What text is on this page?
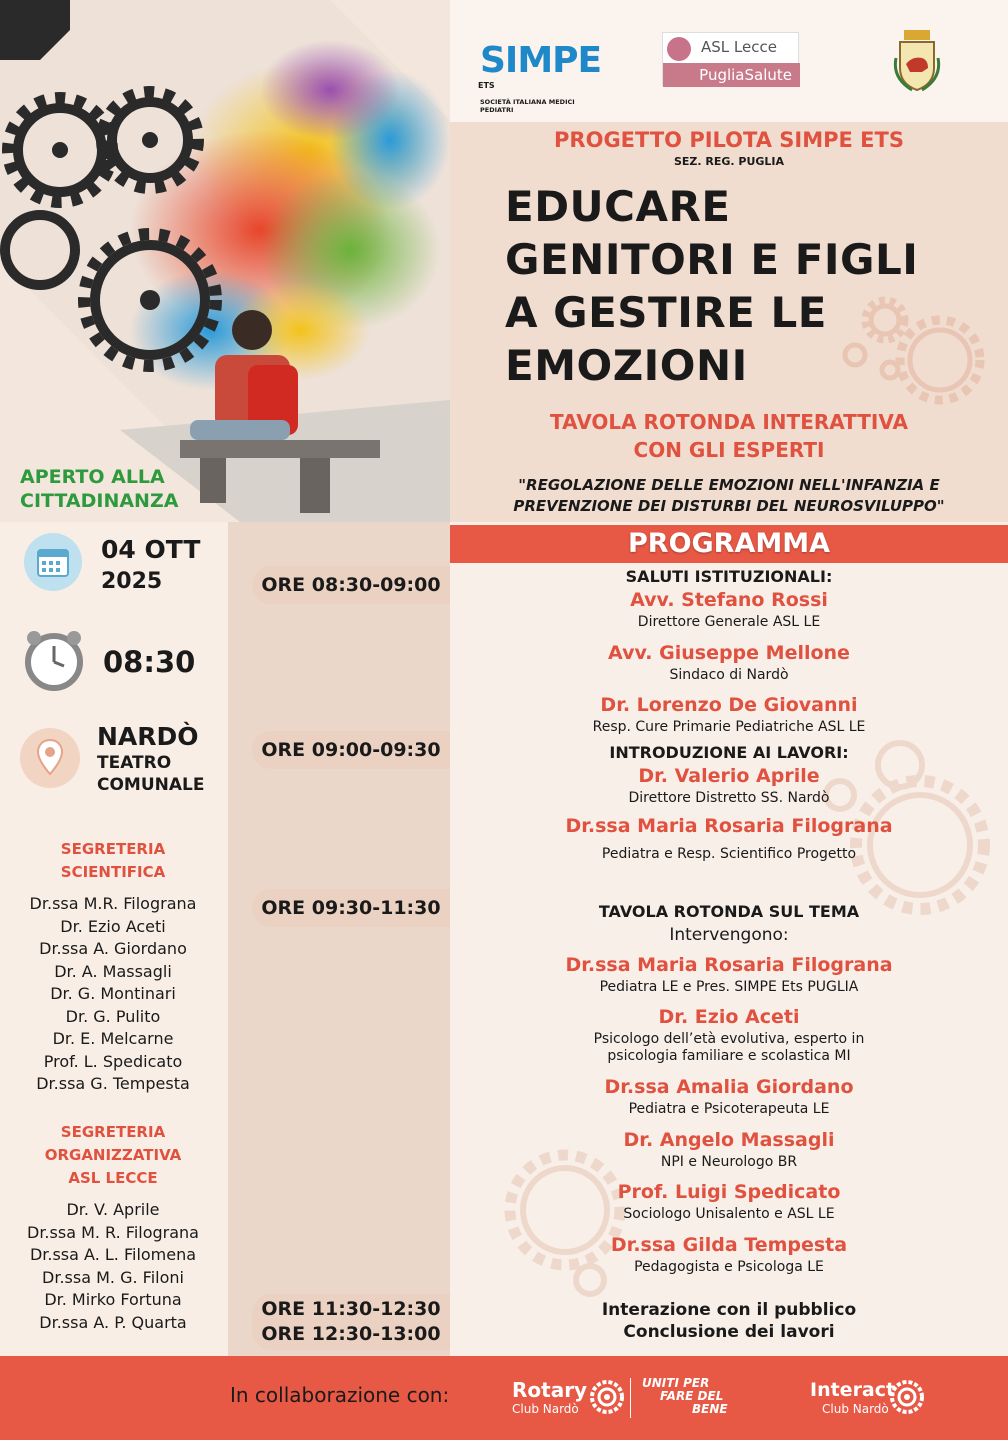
SIMPE $^{ETS}$
SOCIETÀ ITALIANA MEDICI PEDIATRI
ASL Lecce
PugliaSalute
PROGETTO PILOTA SIMPE ETS
SEZ. REG. PUGLIA
EDUCARE
GENITORI E FIGLI
A GESTIRE LE
EMOZIONI
TAVOLA ROTONDA INTERATTIVA
CON GLI ESPERTI
"REGOLAZIONE DELLE EMOZIONI NELL'INFANZIA E
PREVENZIONE DEI DISTURBI DEL NEUROSVILUPPO"
APERTO ALLA
CITTADINANZA
04 OTT
2025
08:30
NARDÒ
TEATRO
COMUNALE
SEGRETERIA
SCIENTIFICA
Dr.ssa M.R. Filograna
Dr. Ezio Aceti
Dr.ssa A. Giordano
Dr. A. Massagli
Dr. G. Montinari
Dr. G. Pulito
Dr. E. Melcarne
Prof. L. Spedicato
Dr.ssa G. Tempesta
SEGRETERIA
ORGANIZZATIVA
ASL LECCE
Dr. V. Aprile
Dr.ssa M. R. Filograna
Dr.ssa A. L. Filomena
Dr.ssa M. G. Filoni
Dr. Mirko Fortuna
Dr.ssa A. P. Quarta
ORE 08:30-09:00
ORE 09:00-09:30
ORE 09:30-11:30
ORE 11:30-12:30
ORE 12:30-13:00
PROGRAMMA
SALUTI ISTITUZIONALI:
Avv. Stefano Rossi
Direttore Generale ASL LE
Avv. Giuseppe Mellone
Sindaco di Nardò
Dr. Lorenzo De Giovanni
Resp. Cure Primarie Pediatriche ASL LE
INTRODUZIONE AI LAVORI:
Dr. Valerio Aprile
Direttore Distretto SS. Nardò
Dr.ssa Maria Rosaria Filograna
Pediatra e Resp. Scientifico Progetto
TAVOLA ROTONDA SUL TEMA
Intervengono:
Dr.ssa Maria Rosaria Filograna
Pediatra LE e Pres. SIMPE Ets PUGLIA
Dr. Ezio Aceti
Psicologo dell’età evolutiva, esperto in
psicologia familiare e scolastica MI
Dr.ssa Amalia Giordano
Pediatra e Psicoterapeuta LE
Dr. Angelo Massagli
NPI e Neurologo BR
Prof. Luigi Spedicato
Sociologo Unisalento e ASL LE
Dr.ssa Gilda Tempesta
Pedagogista e Psicologa LE
Interazione con il pubblico
Conclusione dei lavori
In collaborazione con:	Rotary
Club Nardò
UNITI PER
FARE DEL
BENE
Interact
Club Nardò
